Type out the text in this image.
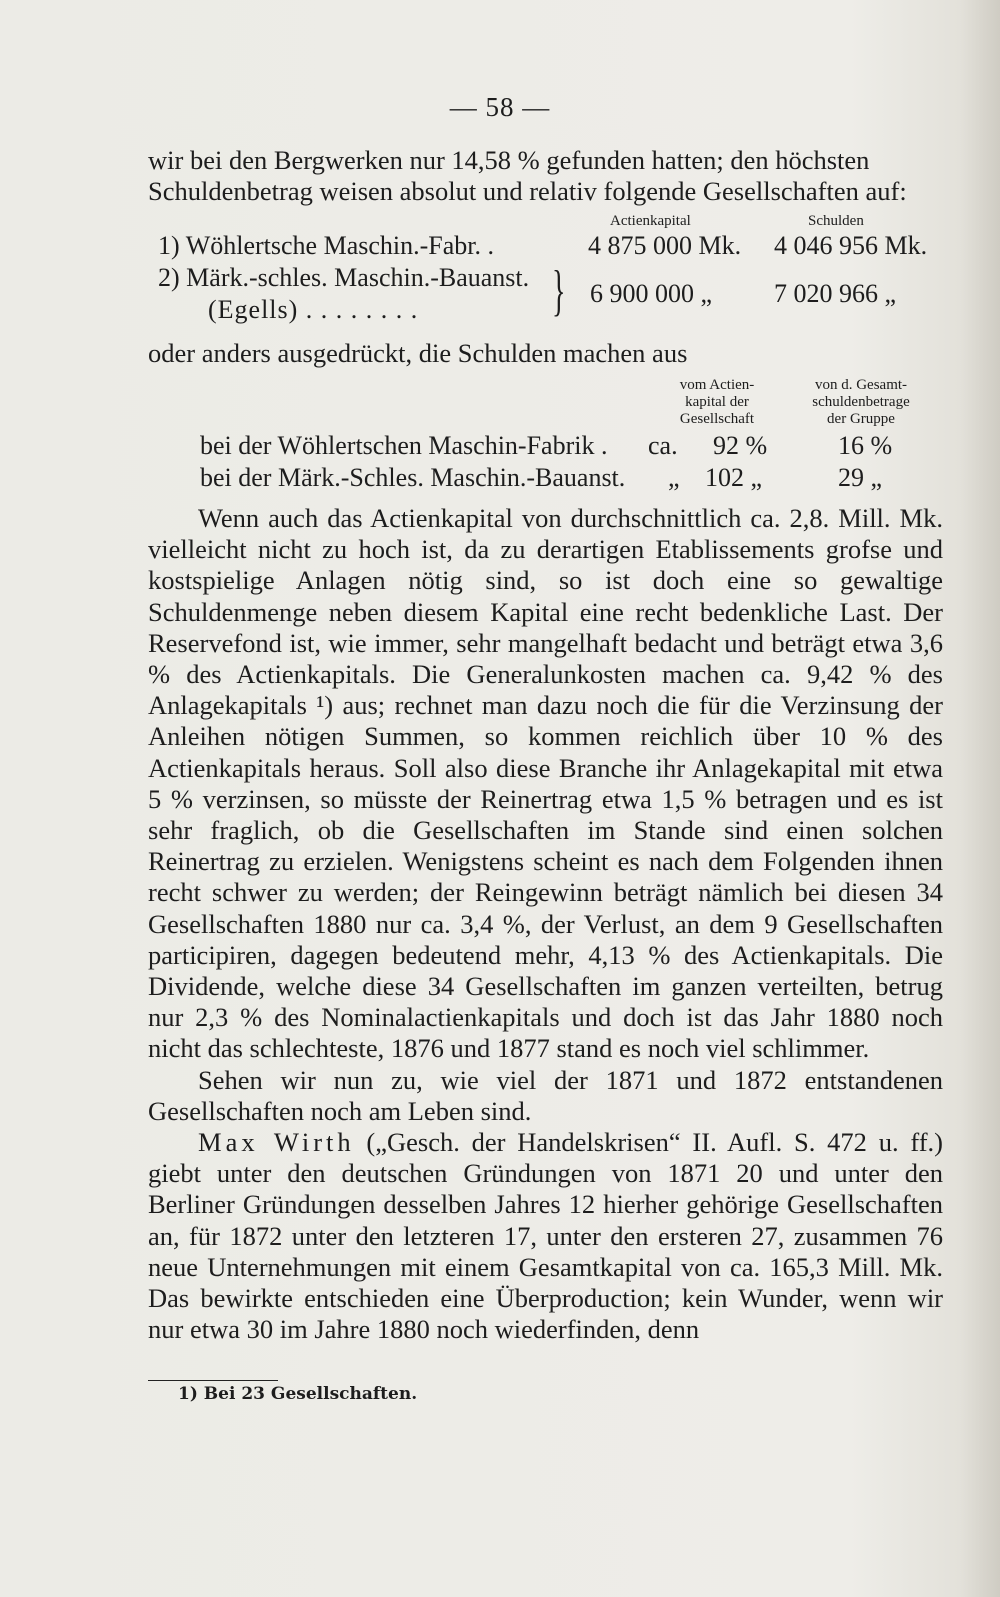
— 58 —

wir bei den Bergwerken nur 14,58 % gefunden hatten; den höchsten

Schuldenbetrag weisen absolut und relativ folgende Gesellschaften auf:

Actienkapital	Schulden
1) Wöhlertsche Maschin.-Fabr. .	4 875 000 Mk. 4 046 956 Mk.
2) Märk.-schles. Maschin.-Bauanst.
(Egells) . . . . . . . . } 6 900 000 „ 7 020 966 „

oder anders ausgedrückt, die Schulden machen aus

vom Actien-
kapital der
Gesellschaft
von d. Gesamt-
schuldenbetrage
der Gruppe
bei der Wöhlertschen Maschin-Fabrik . ca. 92 %	16 %
bei der Märk.-Schles. Maschin.-Bauanst. „ 102 „	29 „

Wenn auch das Actienkapital von durchschnittlich ca. 2,8. Mill. Mk. vielleicht nicht zu hoch ist, da zu derartigen Etablissements grofse und kostspielige Anlagen nötig sind, so ist doch eine so gewaltige Schuldenmenge neben diesem Kapital eine recht bedenkliche Last. Der Reservefond ist, wie immer, sehr mangelhaft bedacht und beträgt etwa 3,6 % des Actienkapitals. Die Generalunkosten machen ca. 9,42 % des Anlagekapitals ¹) aus; rechnet man dazu noch die für die Verzinsung der Anleihen nötigen Summen, so kommen reichlich über 10 % des Actienkapitals heraus. Soll also diese Branche ihr Anlagekapital mit etwa 5 % verzinsen, so müsste der Reinertrag etwa 1,5 % betragen und es ist sehr fraglich, ob die Gesellschaften im Stande sind einen solchen Reinertrag zu erzielen. Wenigstens scheint es nach dem Folgenden ihnen recht schwer zu werden; der Reingewinn beträgt nämlich bei diesen 34 Gesellschaften 1880 nur ca. 3,4 %, der Verlust, an dem 9 Gesellschaften participiren, dagegen bedeutend mehr, 4,13 % des Actienkapitals. Die Dividende, welche diese 34 Gesellschaften im ganzen verteilten, betrug nur 2,3 % des Nominalactienkapitals und doch ist das Jahr 1880 noch nicht das schlechteste, 1876 und 1877 stand es noch viel schlimmer.

Sehen wir nun zu, wie viel der 1871 und 1872 entstandenen Gesellschaften noch am Leben sind.

Max Wirth („Gesch. der Handelskrisen“ II. Aufl. S. 472 u. ff.) giebt unter den deutschen Gründungen von 1871 20 und unter den Berliner Gründungen desselben Jahres 12 hierher gehörige Gesellschaften an, für 1872 unter den letzteren 17, unter den ersteren 27, zusammen 76 neue Unternehmungen mit einem Gesamtkapital von ca. 165,3 Mill. Mk. Das bewirkte entschieden eine Überproduction; kein Wunder, wenn wir nur etwa 30 im Jahre 1880 noch wiederfinden, denn

1) Bei 23 Gesellschaften.
